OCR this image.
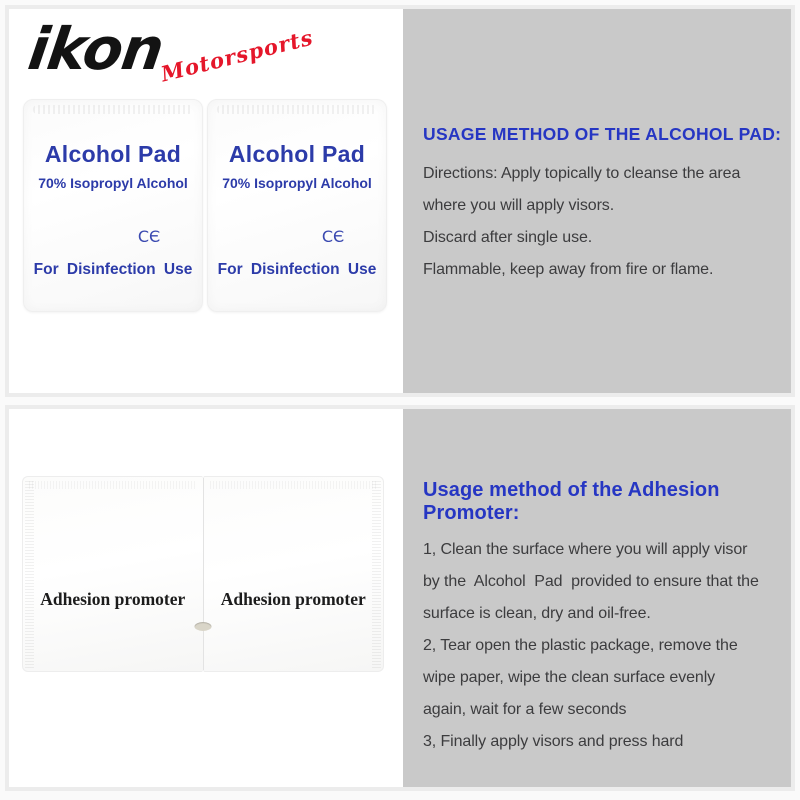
ikon
Motorsports
Alcohol Pad
70% Isopropyl Alcohol
CЄ
For Disinfection Use
Alcohol Pad
70% Isopropyl Alcohol
CЄ
For Disinfection Use
USAGE METHOD OF THE ALCOHOL PAD:
Directions: Apply topically to cleanse the area
where you will apply visors.
Discard after single use.
Flammable, keep away from fire or flame.
Adhesion promoter Adhesion promoter
Usage method of the Adhesion Promoter:
1, Clean the surface where you will apply visor
by the  Alcohol  Pad  provided to ensure that the
surface is clean, dry and oil-free.
2, Tear open the plastic package, remove the
wipe paper, wipe the clean surface evenly
again, wait for a few seconds
3, Finally apply visors and press hard
